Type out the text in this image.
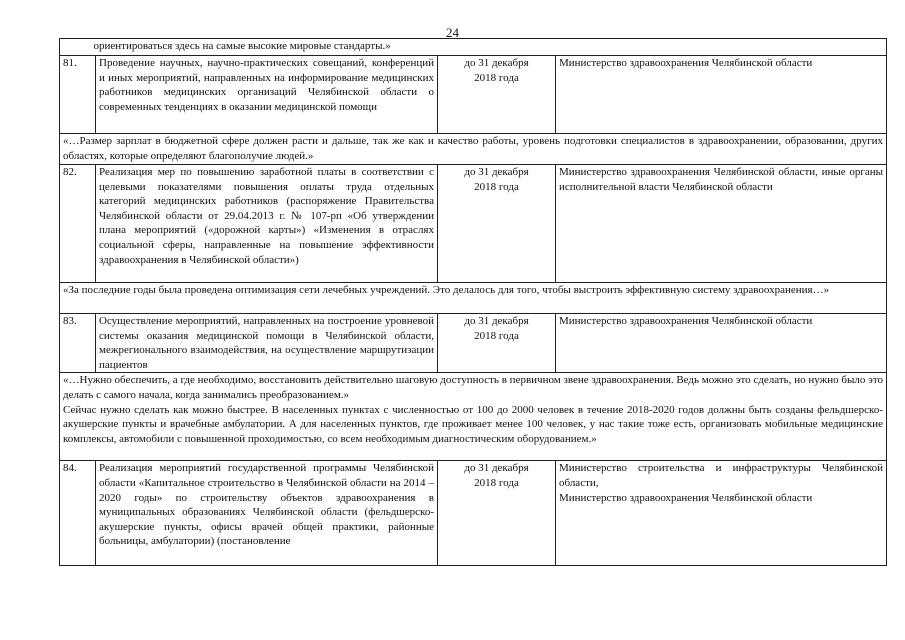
24
	ориентироваться здесь на самые высокие мировые стандарты.»		
81.	Проведение научных, научно-практических совещаний, конференций и иных мероприятий, направленных на информирование медицинских работников медицинских организаций Челябинской области о современных тенденциях в оказании медицинской помощи	до 31 декабря
2018 года	Министерство здравоохранения Челябинской области

«…Размер зарплат в бюджетной сфере должен расти и дальше, так же как и качество работы, уровень подготовки специалистов в здравоохранении, образовании, других областях, которые определяют благополучие людей.»			
82.	Реализация мер по повышению заработной платы в соответствии с целевыми показателями повышения оплаты труда отдельных категорий медицинских работников (распоряжение Правительства Челябинской области от 29.04.2013 г. № 107-рп «Об утверждении плана мероприятий («дорожной карты») «Изменения в отраслях социальной сферы, направленные на повышение эффективности здравоохранения в Челябинской области»)	до 31 декабря
2018 года	Министерство здравоохранения Челябинской области, иные органы исполнительной власти Челябинской области

«За последние годы была проведена оптимизация сети лечебных учреждений. Это делалось для того, чтобы выстроить эффективную систему здравоохранения…»			
83.	Осуществление мероприятий, направленных на построение уровневой системы оказания медицинской помощи в Челябинской области, межрегионального взаимодействия, на осуществление маршрутизации пациентов	до 31 декабря
2018 года	Министерство здравоохранения Челябинской области

«…Нужно обеспечить, а где необходимо, восстановить действительно шаговую доступность в первичном звене здравоохранения. Ведь можно это сделать, но нужно было это делать с самого начала, когда занимались преобразованием.»
Сейчас нужно сделать как можно быстрее. В населенных пунктах с численностью от 100 до 2000 человек в течение 2018-2020 годов должны быть созданы фельдшерско-акушерские пункты и врачебные амбулатории. А для населенных пунктов, где проживает менее 100 человек, у нас такие тоже есть, организовать мобильные медицинские комплексы, автомобили с повышенной проходимостью, со всем необходимым диагностическим оборудованием.»			

84.	Реализация мероприятий государственной программы Челябинской области «Капитальное строительство в Челябинской области на 2014 – 2020 годы» по строительству объектов здравоохранения в муниципальных образованиях Челябинской области (фельдшерско-акушерские пункты, офисы врачей общей практики, районные больницы, амбулатории) (постановление	до 31 декабря
2018 года	Министерство строительства и инфраструктуры Челябинской области,
Министерство здравоохранения Челябинской области
